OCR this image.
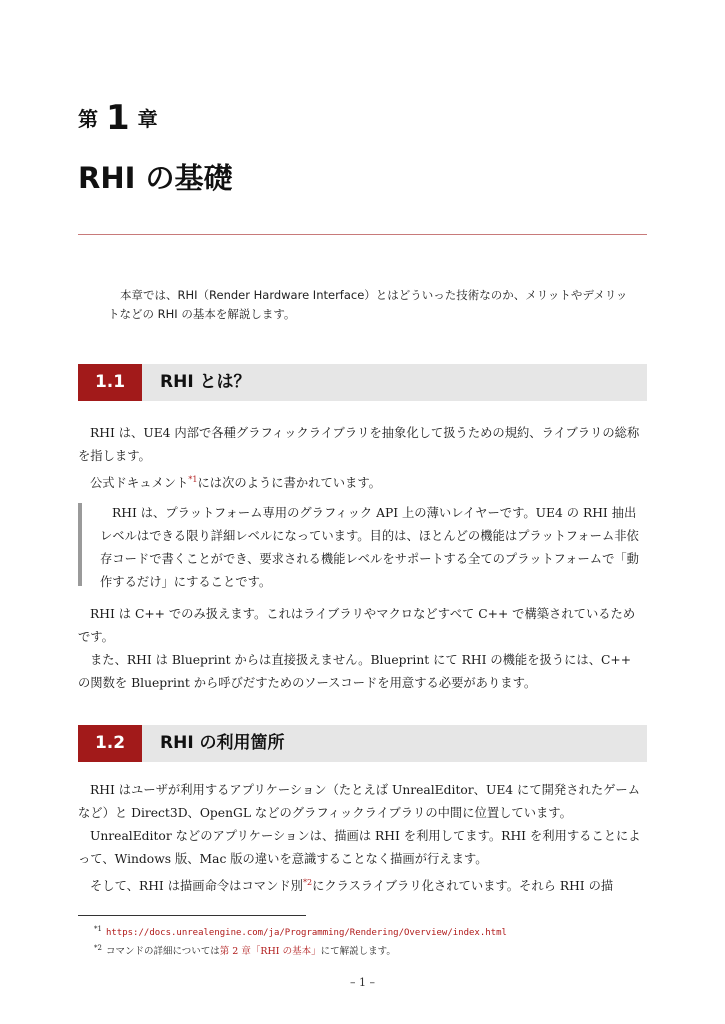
第 1 章
RHI の基礎

本章では、RHI（Render Hardware Interface）とはどういった技術なのか、メリットやデメリットなどの RHI の基本を解説します。

1.1	RHI とは？

RHI は、UE4 内部で各種グラフィックライブラリを抽象化して扱うための規約、ライブラリの総称を指します。

公式ドキュメント$^{*1}$には次のように書かれています。

RHI は、プラットフォーム専用のグラフィック API 上の薄いレイヤーです。UE4 の RHI 抽出レベルはできる限り詳細レベルになっています。目的は、ほとんどの機能はプラットフォーム非依存コードで書くことができ、要求される機能レベルをサポートする全てのプラットフォームで「動作するだけ」にすることです。

RHI は C++ でのみ扱えます。これはライブラリやマクロなどすべて C++ で構築されているためです。

また、RHI は Blueprint からは直接扱えません。Blueprint にて RHI の機能を扱うには、C++ の関数を Blueprint から呼びだすためのソースコードを用意する必要があります。

1.2	RHI の利用箇所

RHI はユーザが利用するアプリケーション（たとえば UnrealEditor、UE4 にて開発されたゲームなど）と Direct3D、OpenGL などのグラフィックライブラリの中間に位置しています。

UnrealEditor などのアプリケーションは、描画は RHI を利用してます。RHI を利用することによって、Windows 版、Mac 版の違いを意識することなく描画が行えます。

そして、RHI は描画命令はコマンド別$^{*2}$にクラスライブラリ化されています。それら RHI の描

$^{*1}$ https://docs.unrealengine.com/ja/Programming/Rendering/Overview/index.html
$^{*2}$ コマンドの詳細については第 2 章「RHI の基本」にて解説します。
– 1 –
